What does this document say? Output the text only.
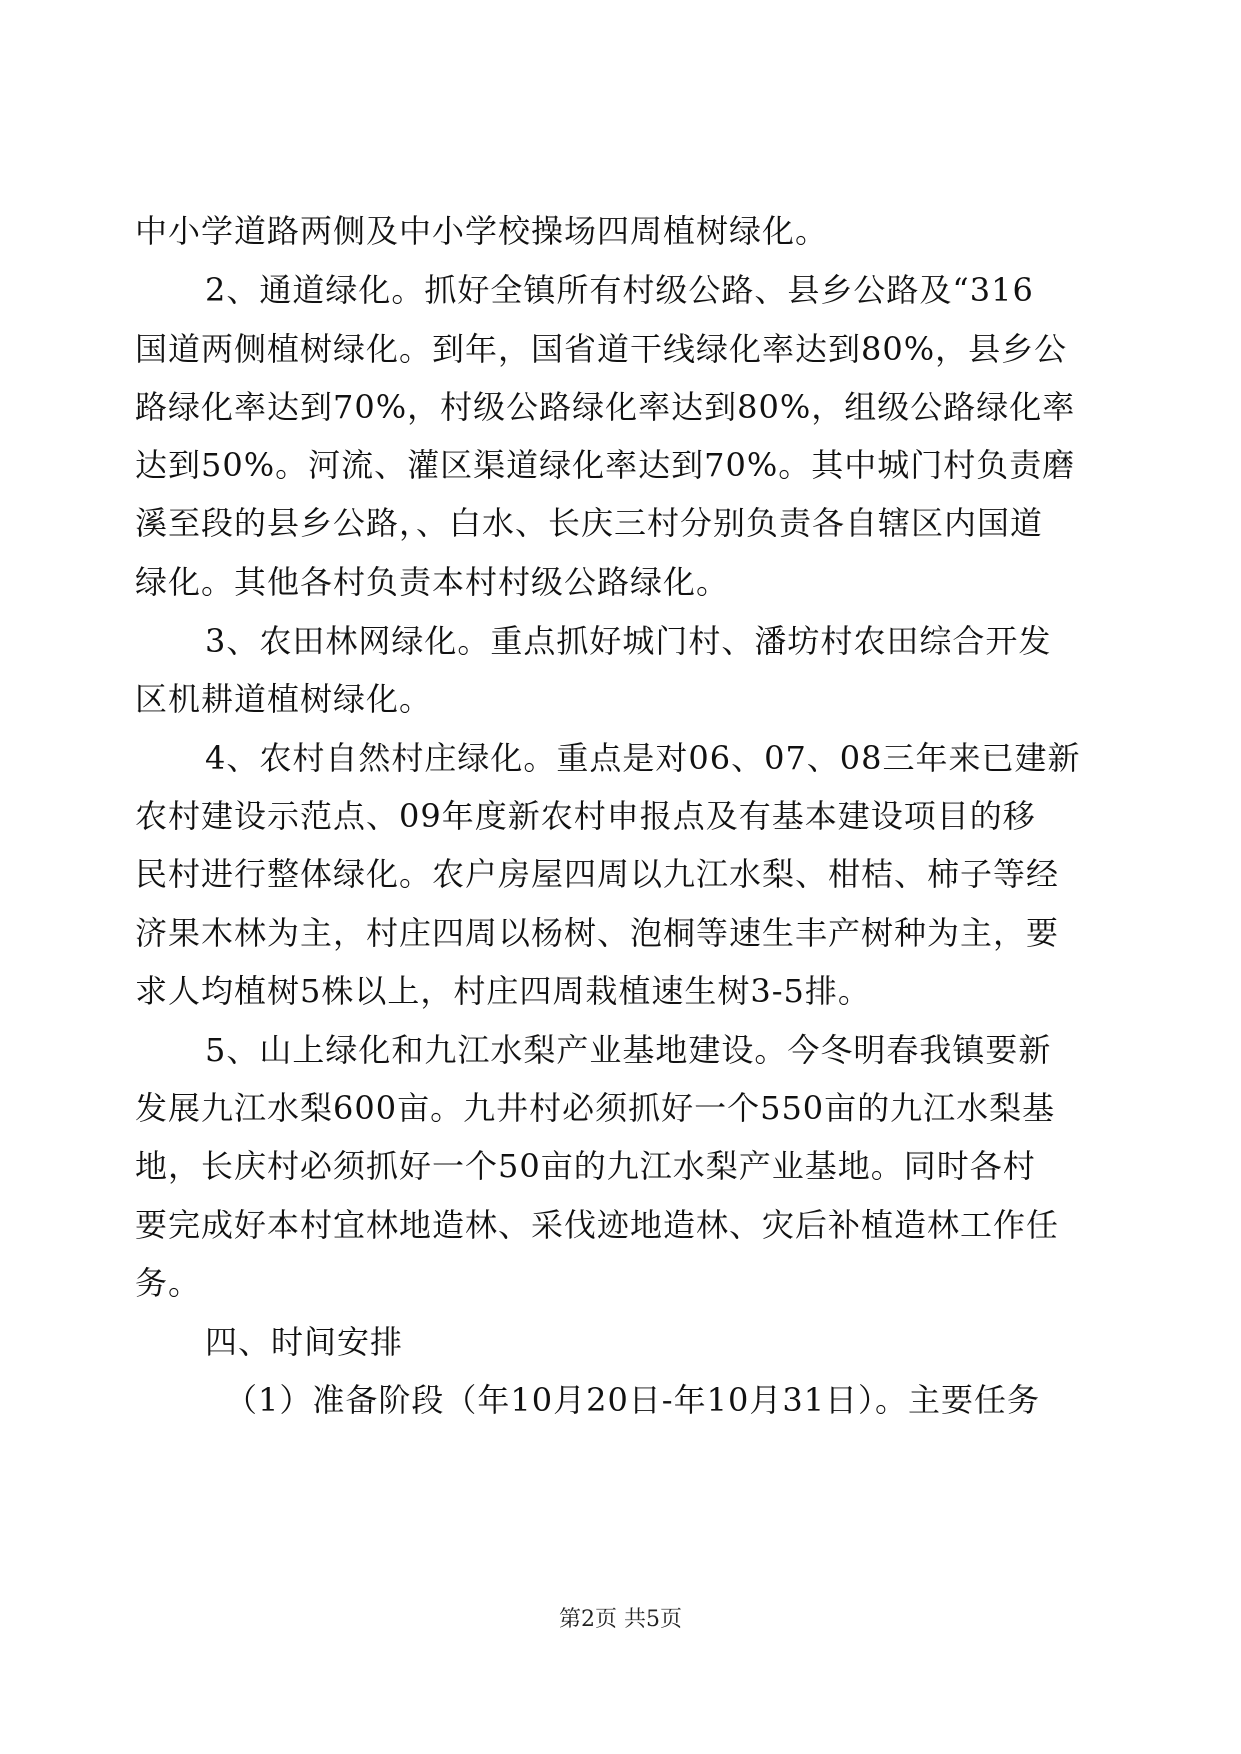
中小学道路两侧及中小学校操场四周植树绿化。
2、通道绿化。抓好全镇所有村级公路、县乡公路及“316
国道两侧植树绿化。到年，国省道干线绿化率达到80%，县乡公
路绿化率达到70%，村级公路绿化率达到80%，组级公路绿化率
达到50%。河流、灌区渠道绿化率达到70%。其中城门村负责磨
溪至段的县乡公路，、白水、长庆三村分别负责各自辖区内国道
绿化。其他各村负责本村村级公路绿化。
3、农田林网绿化。重点抓好城门村、潘坊村农田综合开发
区机耕道植树绿化。
4、农村自然村庄绿化。重点是对06、07、08三年来已建新
农村建设示范点、09年度新农村申报点及有基本建设项目的移
民村进行整体绿化。农户房屋四周以九江水梨、柑桔、柿子等经
济果木林为主，村庄四周以杨树、泡桐等速生丰产树种为主，要
求人均植树5株以上，村庄四周栽植速生树3-5排。
5、山上绿化和九江水梨产业基地建设。今冬明春我镇要新
发展九江水梨600亩。九井村必须抓好一个550亩的九江水梨基
地，长庆村必须抓好一个50亩的九江水梨产业基地。同时各村
要完成好本村宜林地造林、采伐迹地造林、灾后补植造林工作任
务。
四、时间安排
（1）准备阶段（年10月20日-年10月31日）。主要任务
第2页 共5页
